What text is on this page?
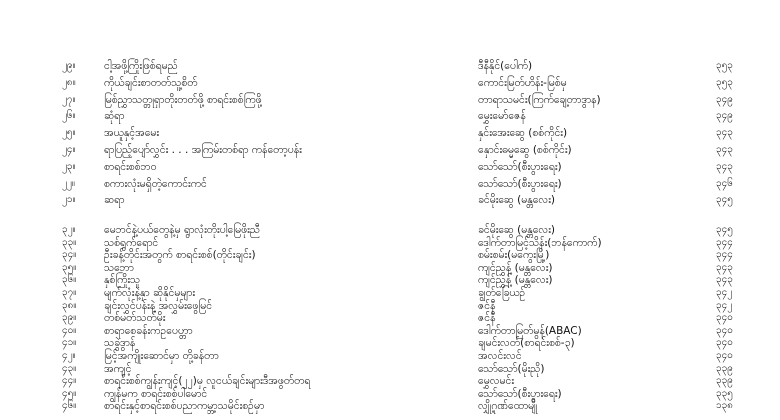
၂၉။	ငါ့အဖို့ကြိုးဖြစ်ရမည်	ဒီနီနိုင်(ပေါက်)	၃၅၃
၂၈။	ကိုယ်ချင်းစာတတ်သူ့စိတ်	ကောင်းမြတ်ဟိန်း-မြစ်မှ	၃၅၃
၂၇။	မြစ်ညွှာသတ္တုရှာတိုးတတ်ဖို့ စာရင်းစစ်ကြဖို့	တာရာသမင်း(ကြက်ချေ့တာဒွာန)	၃၄၉
၂၆။	ဆုံရာ	မွှေးမော်ဇေန်	၃၄၉
၂၅။	အယူနှင့်အမေး	နှင်းအေးဆွေ (စစ်ကိုင်း)	၃၄၃
၂၄။	ရာပြည့်ပျော်လွှင်း . . . အကြမ်းတစ်ရာ ကန်တော့ပန်း	နှောင်းဓမ္မဆွေ (စစ်ကိုင်း)	၃၄၃
၂၃။	စာရင်းစစ်ဘဝ	သော်သော်(စီးပွားရေး)	၃၄၃
၂၂။	စကားလုံးမရှိတဲ့ကောင်းကင်	သော်သော်(စီးပွားရေး)	၃၄၆
၂၁။	ဆရာ	ခင်မိုးဆွေ (မန္တလေး)	၃၄၅
၃၂။	မေဘင်နဲ့ပယ်တွေနဲ့မှ ရွာလုံးတိုးပါ့မြေဖိုးညီ	ခင်မိုးဆွေ (မန္တလေး)	၃၄၅
၃၃။	သစ်ရွက်ရောင်	ဒေါက်တာမြင့်သိန်း(ဘန်ကောက်)	၃၄၄
၃၄။	ဦးခန့်တိုင်းအတွက် စာရင်းစစ်(တိုင်းချင်း)	စမ်းစမ်း(မကွေးမြို့)	၃၄၄
၃၅။	သဘော	ကျင်ညွှန့် (မန္တလေး)	၃၄၃
၃၆။	နှစ်ကြိုးသူ	ကျင်ညွှန့် (မန္တလေး)	၃၄၃
၃၇။	မျက်လုံးနဲ့နှာ ဆိုနိုင်မှများ	ချွတ်ခြေယဉ်	၃၄၂
၃၈။	ချင်းလွှင်ပန်းနဲ့ အလွှမ်းဖွေမြင်	ဇင်နီ	၃၄၂
၃၉။	တစ်မတ်သတ်မိုး	ဇင်နီ	၃၄၀
၄၀။	စာရာစေခန်းကဥပေဟ္တာ	ဒေါက်တာမြတ်မွန်(ABAC)	၃၄၀
၄၁။	သခွဲဒွာန်	ချမင်းလတ်(စာရင်းစစ်-၃)	၃၄၀
၄၂။	မြင့်အကျိုးဆောင်မှာ တို့ခန်တာ	အလင်းလင်	၃၄၀
၄၃။	အကျင့်	သော်သော်(မိုးညို)	၃၃၉
၄၄။	စာရင်းစစ်ကျွန်းကျင့်(၂၂)မှ လူငယ်ချင်းများဒီအဖွတ်တရ	မွှေလမင်း	၃၃၉
၄၅။	ကျွန်မက စာရင်းစစ်ပါမောင်	သော်သော်(စီးပွားရေး)	၃၃၅
၄၆။	စာရင်းနှင့်စာရင်းစစ်ပညာကမ္ဘာ့သမိုင်းစဉ်မှာ	လျှို့ဂုဏ်ထောမျို	၁၃၈
